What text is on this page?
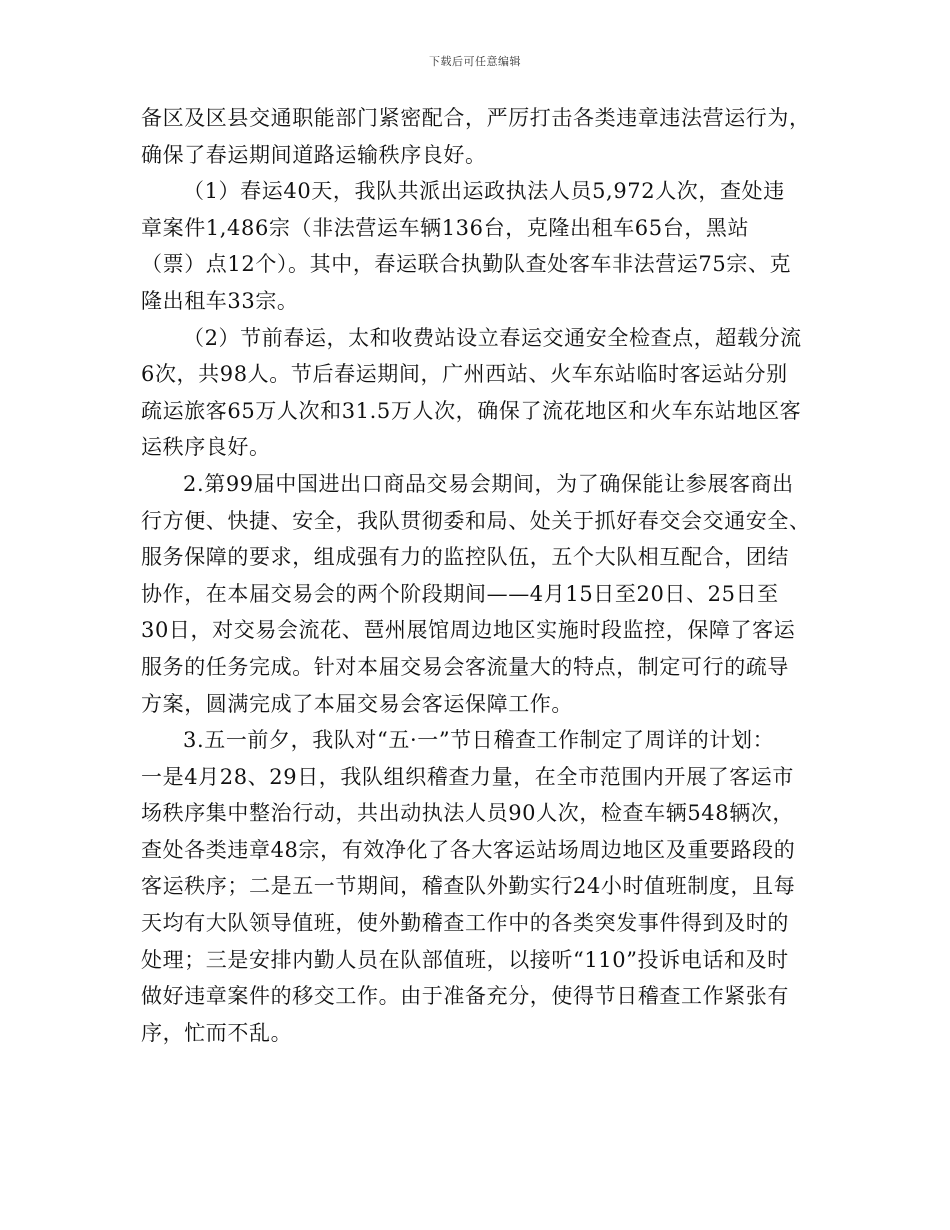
下载后可任意编辑
备区及区县交通职能部门紧密配合，严厉打击各类违章违法营运行为，
确保了春运期间道路运输秩序良好。
（1）春运40天，我队共派出运政执法人员5,972人次，查处违
章案件1,486宗（非法营运车辆136台，克隆出租车65台，黑站
（票）点12个）。其中，春运联合执勤队查处客车非法营运75宗、克
隆出租车33宗。
（2）节前春运，太和收费站设立春运交通安全检查点，超载分流
6次，共98人。节后春运期间，广州西站、火车东站临时客运站分别
疏运旅客65万人次和31.5万人次，确保了流花地区和火车东站地区客
运秩序良好。
2.第99届中国进出口商品交易会期间，为了确保能让参展客商出
行方便、快捷、安全，我队贯彻委和局、处关于抓好春交会交通安全、
服务保障的要求，组成强有力的监控队伍，五个大队相互配合，团结
协作，在本届交易会的两个阶段期间——4月15日至20日、25日至
30日，对交易会流花、琶州展馆周边地区实施时段监控，保障了客运
服务的任务完成。针对本届交易会客流量大的特点，制定可行的疏导
方案，圆满完成了本届交易会客运保障工作。
3.五一前夕，我队对“五·一”节日稽查工作制定了周详的计划：
一是4月28、29日，我队组织稽查力量，在全市范围内开展了客运市
场秩序集中整治行动，共出动执法人员90人次，检查车辆548辆次，
查处各类违章48宗，有效净化了各大客运站场周边地区及重要路段的
客运秩序；二是五一节期间，稽查队外勤实行24小时值班制度，且每
天均有大队领导值班，使外勤稽查工作中的各类突发事件得到及时的
处理；三是安排内勤人员在队部值班，以接听“110”投诉电话和及时
做好违章案件的移交工作。由于准备充分，使得节日稽查工作紧张有
序，忙而不乱。
